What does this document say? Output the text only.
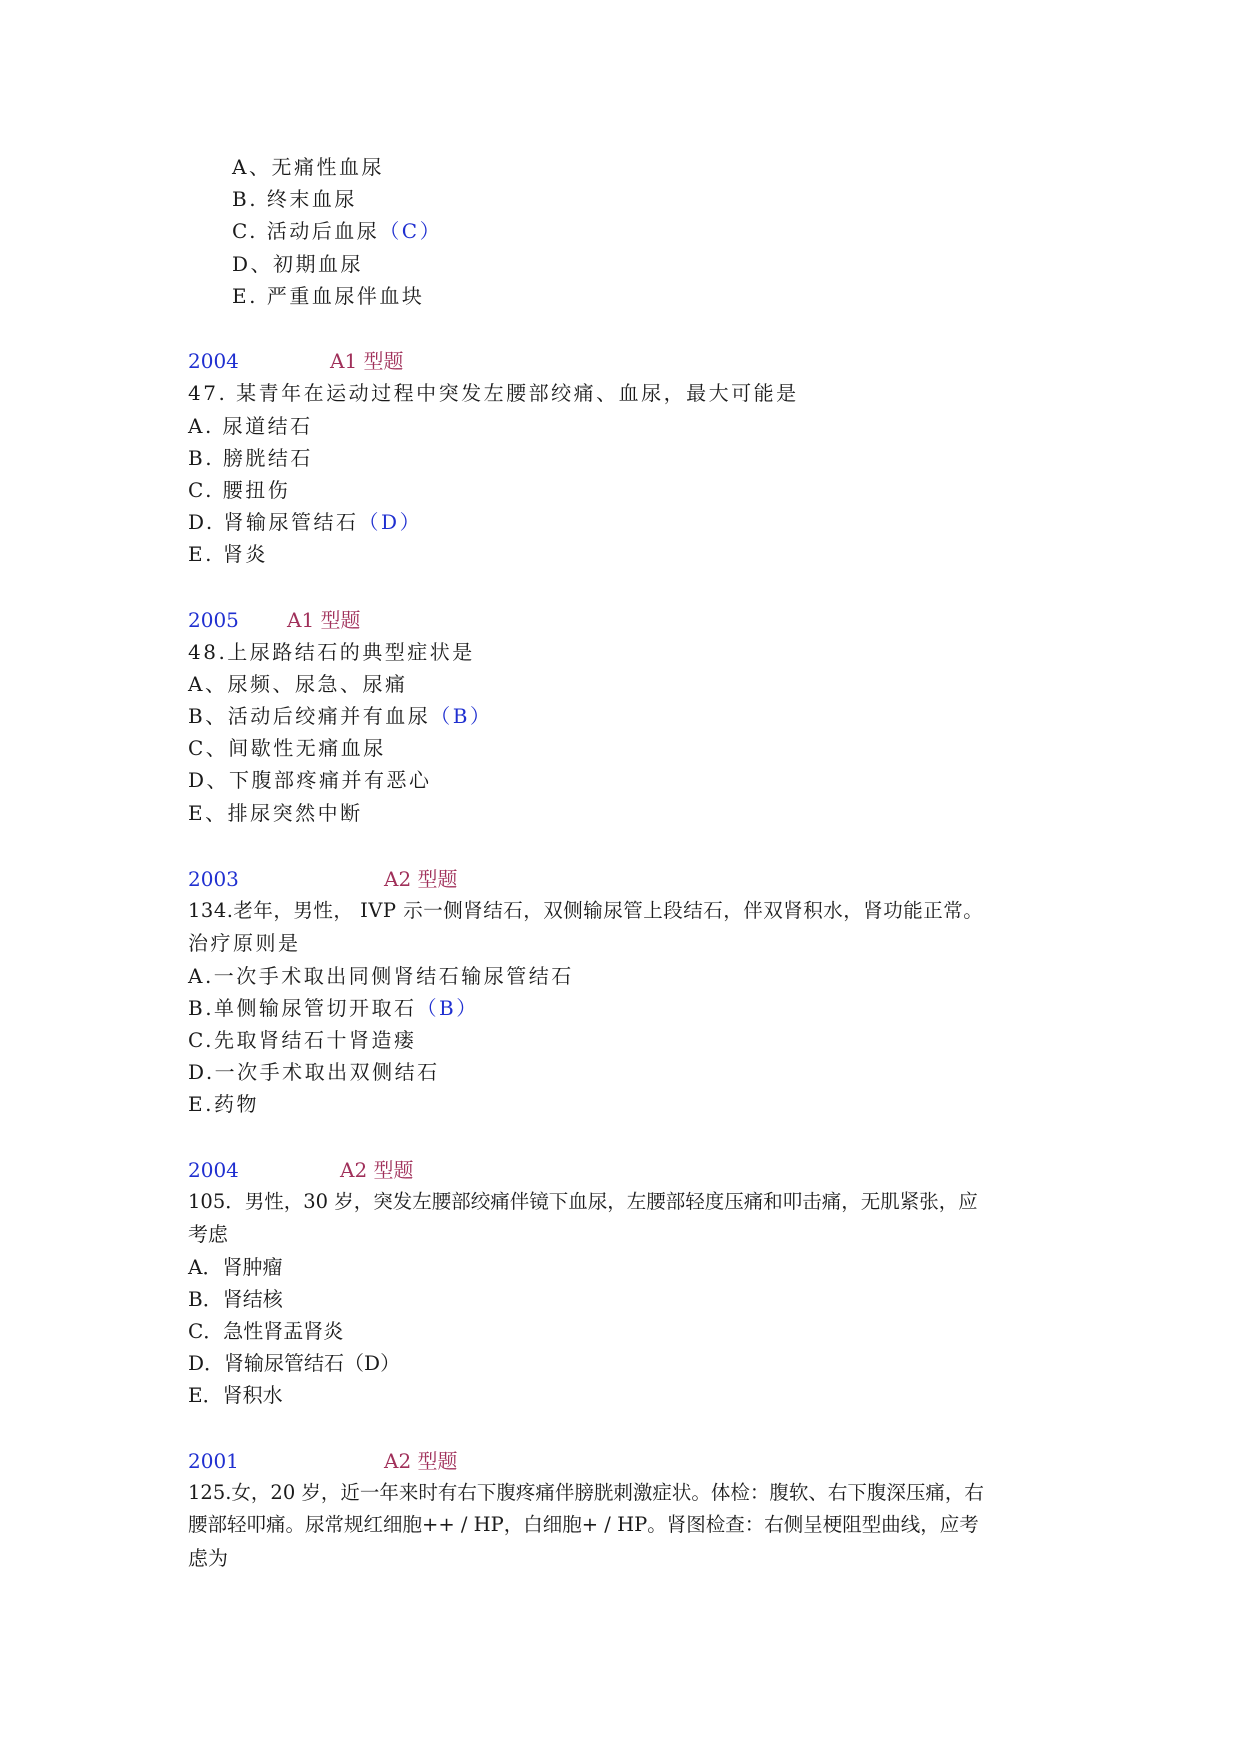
A、无痛性血尿
B. 终末血尿
C. 活动后血尿（C）
D、初期血尿
E. 严重血尿伴血块
2004	A1 型题
47. 某青年在运动过程中突发左腰部绞痛、血尿，最大可能是
A. 尿道结石
B. 膀胱结石
C. 腰扭伤
D. 肾输尿管结石（D）
E. 肾炎
2005 A1 型题
48.上尿路结石的典型症状是
A、尿频、尿急、尿痛
B、活动后绞痛并有血尿（B）
C、间歇性无痛血尿
D、下腹部疼痛并有恶心
E、排尿突然中断
2003	A2 型题
134.老年，男性， IVP 示一侧肾结石，双侧输尿管上段结石，伴双肾积水，肾功能正常。
治疗原则是
A.一次手术取出同侧肾结石输尿管结石
B.单侧输尿管切开取石（B）
C.先取肾结石十肾造瘘
D.一次手术取出双侧结石
E.药物
2004	A2 型题
105．男性，30 岁，突发左腰部绞痛伴镜下血尿，左腰部轻度压痛和叩击痛，无肌紧张，应
考虑
A．肾肿瘤
B．肾结核
C．急性肾盂肾炎
D．肾输尿管结石（D）
E．肾积水
2001	A2 型题
125.女，20 岁，近一年来时有右下腹疼痛伴膀胱刺激症状。体检：腹软、右下腹深压痛，右
腰部轻叩痛。尿常规红细胞++ / HP，白细胞+ / HP。肾图检查：右侧呈梗阻型曲线，应考
虑为
